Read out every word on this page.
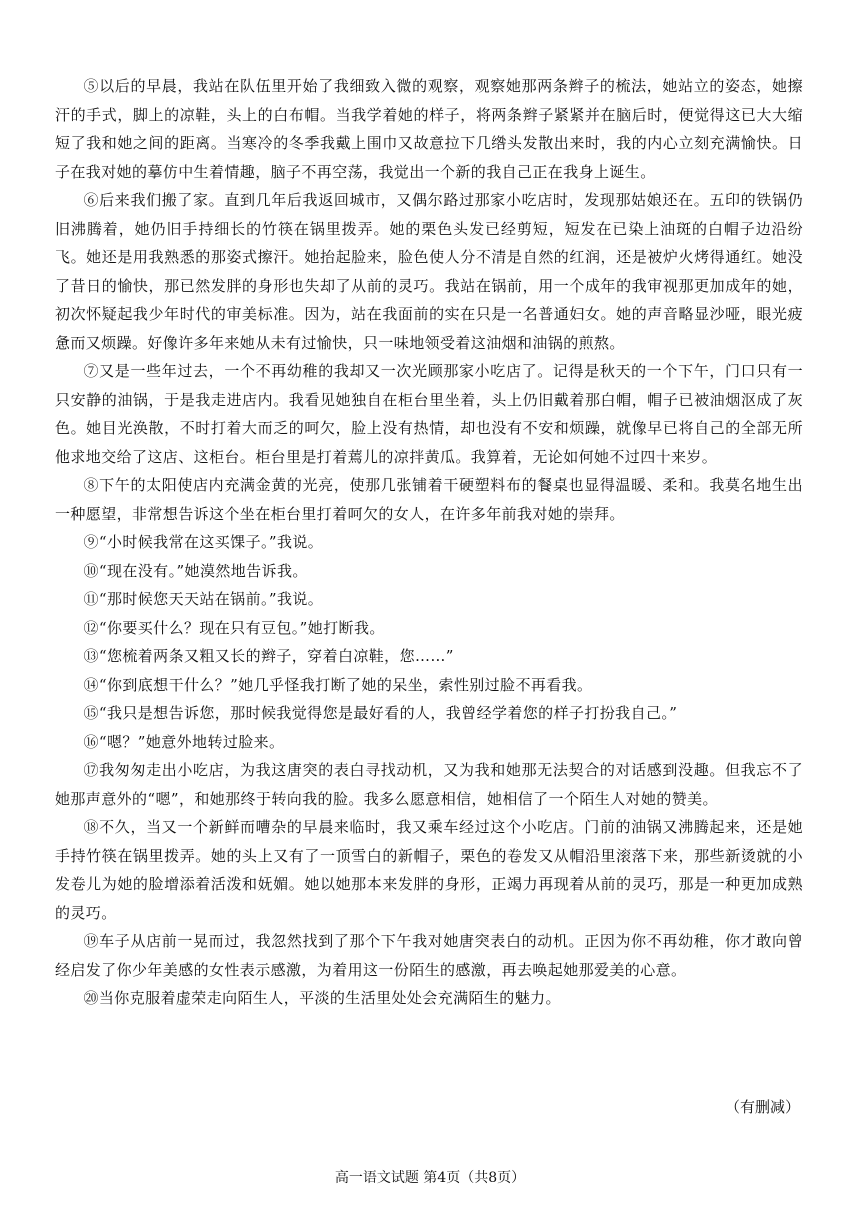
⑤以后的早晨，我站在队伍里开始了我细致入微的观察，观察她那两条辫子的梳法，她站立的姿态，她擦汗的手式，脚上的凉鞋，头上的白布帽。当我学着她的样子，将两条辫子紧紧并在脑后时，便觉得这已大大缩短了我和她之间的距离。当寒冷的冬季我戴上围巾又故意拉下几绺头发散出来时，我的内心立刻充满愉快。日子在我对她的摹仿中生着情趣，脑子不再空荡，我觉出一个新的我自己正在我身上诞生。

⑥后来我们搬了家。直到几年后我返回城市，又偶尔路过那家小吃店时，发现那姑娘还在。五印的铁锅仍旧沸腾着，她仍旧手持细长的竹筷在锅里拨弄。她的栗色头发已经剪短，短发在已染上油斑的白帽子边沿纷飞。她还是用我熟悉的那姿式擦汗。她抬起脸来，脸色使人分不清是自然的红润，还是被炉火烤得通红。她没了昔日的愉快，那已然发胖的身形也失却了从前的灵巧。我站在锅前，用一个成年的我审视那更加成年的她，初次怀疑起我少年时代的审美标准。因为，站在我面前的实在只是一名普通妇女。她的声音略显沙哑，眼光疲惫而又烦躁。好像许多年来她从未有过愉快，只一味地领受着这油烟和油锅的煎熬。

⑦又是一些年过去，一个不再幼稚的我却又一次光顾那家小吃店了。记得是秋天的一个下午，门口只有一只安静的油锅，于是我走进店内。我看见她独自在柜台里坐着，头上仍旧戴着那白帽，帽子已被油烟沤成了灰色。她目光涣散，不时打着大而乏的呵欠，脸上没有热情，却也没有不安和烦躁，就像早已将自己的全部无所他求地交给了这店、这柜台。柜台里是打着蔫儿的凉拌黄瓜。我算着，无论如何她不过四十来岁。

⑧下午的太阳使店内充满金黄的光亮，使那几张铺着干硬塑料布的餐桌也显得温暖、柔和。我莫名地生出一种愿望，非常想告诉这个坐在柜台里打着呵欠的女人，在许多年前我对她的崇拜。

⑨“小时候我常在这买馃子。”我说。

⑩“现在没有。”她漠然地告诉我。

⑪“那时候您天天站在锅前。”我说。

⑫“你要买什么？现在只有豆包。”她打断我。

⑬“您梳着两条又粗又长的辫子，穿着白凉鞋，您……”

⑭“你到底想干什么？”她几乎怪我打断了她的呆坐，索性别过脸不再看我。

⑮“我只是想告诉您，那时候我觉得您是最好看的人，我曾经学着您的样子打扮我自己。”

⑯“嗯？”她意外地转过脸来。

⑰我匆匆走出小吃店，为我这唐突的表白寻找动机，又为我和她那无法契合的对话感到没趣。但我忘不了她那声意外的“嗯”，和她那终于转向我的脸。我多么愿意相信，她相信了一个陌生人对她的赞美。

⑱不久，当又一个新鲜而嘈杂的早晨来临时，我又乘车经过这个小吃店。门前的油锅又沸腾起来，还是她手持竹筷在锅里拨弄。她的头上又有了一顶雪白的新帽子，栗色的卷发又从帽沿里滚落下来，那些新烫就的小发卷儿为她的脸增添着活泼和妩媚。她以她那本来发胖的身形，正竭力再现着从前的灵巧，那是一种更加成熟的灵巧。

⑲车子从店前一晃而过，我忽然找到了那个下午我对她唐突表白的动机。正因为你不再幼稚，你才敢向曾经启发了你少年美感的女性表示感激，为着用这一份陌生的感激，再去唤起她那爱美的心意。

⑳当你克服着虚荣走向陌生人，平淡的生活里处处会充满陌生的魅力。

（有删减）
高一语文试题 第4页（共8页）
